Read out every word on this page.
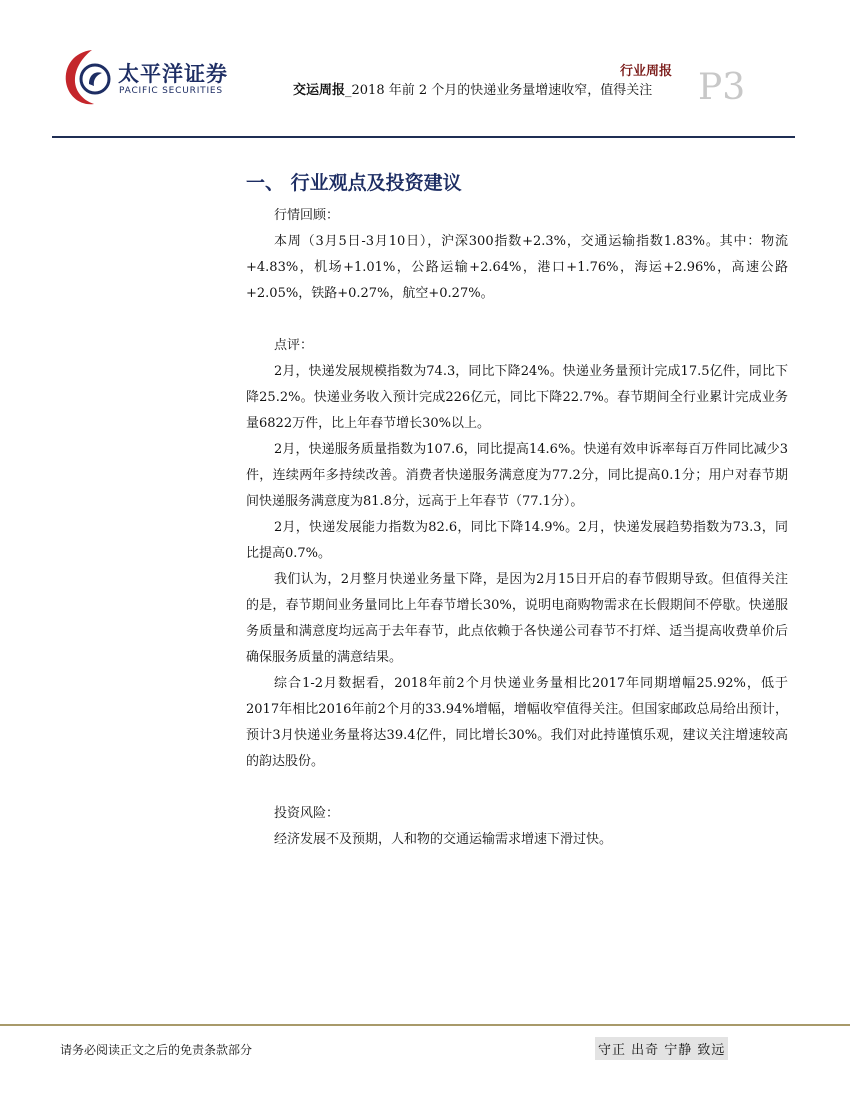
太平洋证券
PACIFIC SECURITIES
行业周报
交运周报_2018 年前 2 个月的快递业务量增速收窄，值得关注 P3
一、 行业观点及投资建议

行情回顾：

本周（3月5日-3月10日），沪深300指数+2.3%，交通运输指数1.83%。其中：物流+4.83%，机场+1.01%，公路运输+2.64%，港口+1.76%，海运+2.96%，高速公路+2.05%，铁路+0.27%，航空+0.27%。

点评：

2月，快递发展规模指数为74.3，同比下降24%。快递业务量预计完成17.5亿件，同比下降25.2%。快递业务收入预计完成226亿元，同比下降22.7%。春节期间全行业累计完成业务量6822万件，比上年春节增长30%以上。

2月，快递服务质量指数为107.6，同比提高14.6%。快递有效申诉率每百万件同比减少3件，连续两年多持续改善。消费者快递服务满意度为77.2分，同比提高0.1分；用户对春节期间快递服务满意度为81.8分，远高于上年春节（77.1分）。

2月，快递发展能力指数为82.6，同比下降14.9%。2月，快递发展趋势指数为73.3，同比提高0.7%。

我们认为，2月整月快递业务量下降，是因为2月15日开启的春节假期导致。但值得关注的是，春节期间业务量同比上年春节增长30%，说明电商购物需求在长假期间不停歇。快递服务质量和满意度均远高于去年春节，此点依赖于各快递公司春节不打烊、适当提高收费单价后确保服务质量的满意结果。

综合1-2月数据看，2018年前2个月快递业务量相比2017年同期增幅25.92%，低于2017年相比2016年前2个月的33.94%增幅，增幅收窄值得关注。但国家邮政总局给出预计，预计3月快递业务量将达39.4亿件，同比增长30%。我们对此持谨慎乐观，建议关注增速较高的韵达股份。

投资风险：

经济发展不及预期，人和物的交通运输需求增速下滑过快。

请务必阅读正文之后的免责条款部分	守正 出奇 宁静 致远
